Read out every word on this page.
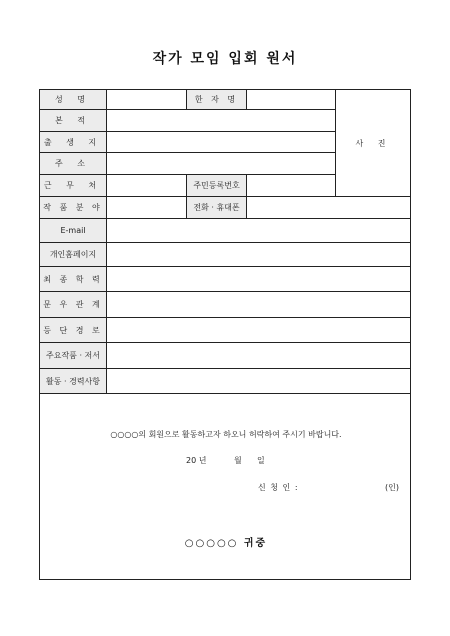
작가 모임 입회 원서
성 명	한 자 명
본 적
출 생 지
주 소
근 무 처	주민등록번호
작 품 분 야	전화 · 휴대폰
E-mail
개인홈페이지
최 종 학 력
문 우 관 계
등 단 경 로
주요작품 · 저서
활동 · 경력사항
사 진
○○○○의 회원으로 활동하고자 하오니 허락하여 주시기 바랍니다.
20 년	월 일
신 청 인 :	(인)
○○○○○ 귀중
